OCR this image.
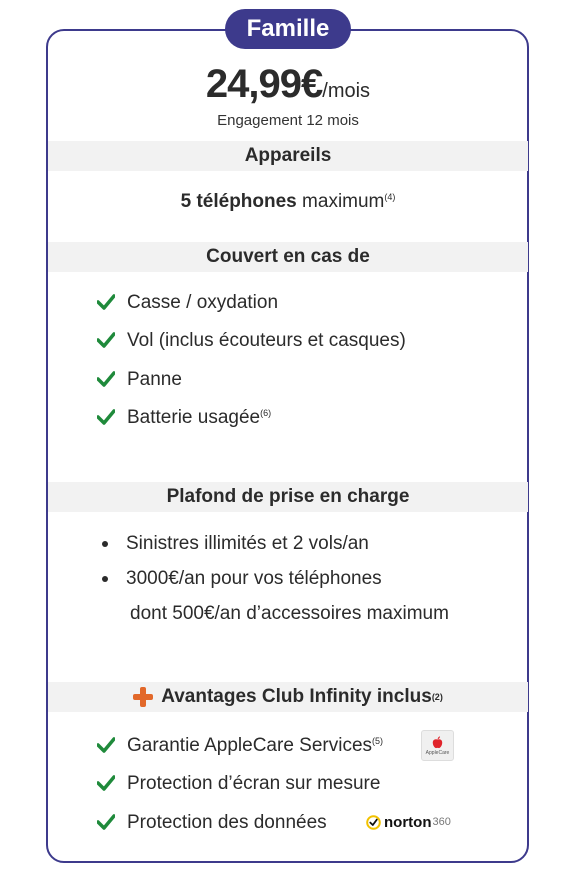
Famille
24,99€/mois
Engagement 12 mois
Appareils
5 téléphones maximum$^{(4)}$
Couvert en cas de
Casse / oxydation
Vol (inclus écouteurs et casques)
Panne
Batterie usagée$^{(6)}$
Plafond de prise en charge
Sinistres illimités et 2 vols/an
3000€/an pour vos téléphones
dont 500€/an d’accessoires maximum
Avantages Club Infinity inclus (2)
Garantie AppleCare Services$^{(5)}$
AppleCare
Protection d’écran sur mesure
Protection des données	norton 360
